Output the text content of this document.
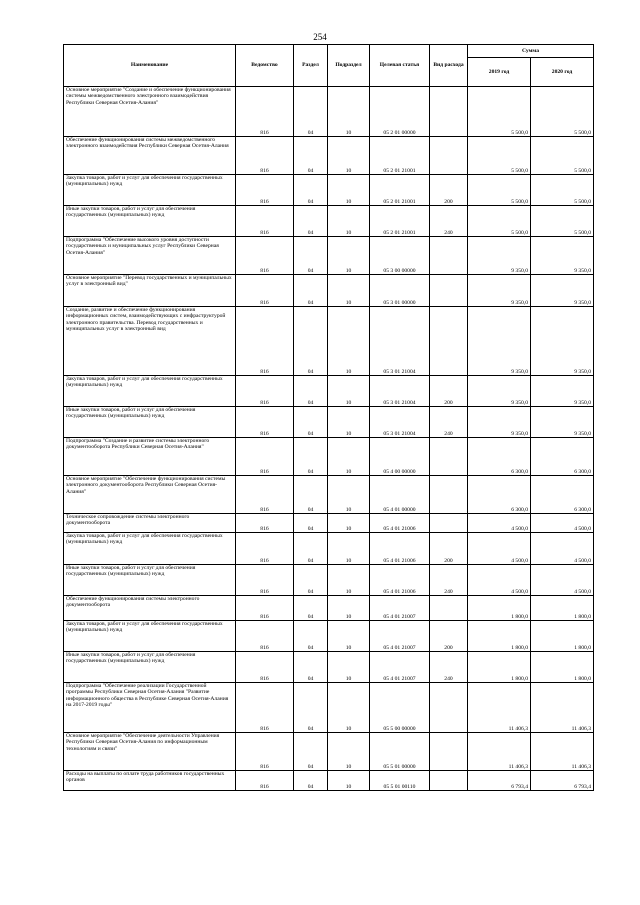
254
Наименование	Ведомство	Раздел	Подраздел	Целевая статья	Вид расхода	Сумма	
						2019 год	2020 год
Основное мероприятие "Создание и обеспечение функционирования системы межведомственного электронного взаимодействия Республики Северная Осетия-Алания"	816	04	10	05 2 01 00000		5 500,0	5 500,0
Обеспечение функционирования системы межведомственного электронного взаимодействия Республики Северная Осетия-Алания	816	04	10	05 2 01 21001		5 500,0	5 500,0
Закупка товаров, работ и услуг для обеспечения государственных (муниципальных) нужд	816	04	10	05 2 01 21001	200	5 500,0	5 500,0
Иные закупки товаров, работ и услуг для обеспечения государственных (муниципальных) нужд	816	04	10	05 2 01 21001	240	5 500,0	5 500,0
Подпрограмма "Обеспечение высокого уровня доступности государственных и муниципальных услуг Республики Северная Осетия-Алания"	816	04	10	05 3 00 00000		9 350,0	9 350,0
Основное мероприятие "Перевод государственных и муниципальных услуг в электронный вид"	816	04	10	05 3 01 00000		9 350,0	9 350,0
Создание, развитие и обеспечение функционирования информационных систем, взаимодействующих с инфраструктурой электронного правительства. Перевод государственных и муниципальных услуг в электронный вид	816	04	10	05 3 01 21004		9 350,0	9 350,0
Закупка товаров, работ и услуг для обеспечения государственных (муниципальных) нужд	816	04	10	05 3 01 21004	200	9 350,0	9 350,0
Иные закупки товаров, работ и услуг для обеспечения государственных (муниципальных) нужд	816	04	10	05 3 01 21004	240	9 350,0	9 350,0
Подпрограмма "Создание и развитие системы электронного документооборота Республики Северная Осетия-Алания"	816	04	10	05 4 00 00000		6 300,0	6 300,0
Основное мероприятие "Обеспечение функционирования системы электронного документооборота Республики Северная Осетия-Алания"	816	04	10	05 4 01 00000		6 300,0	6 300,0
Техническое сопровождение системы электронного документооборота	816	04	10	05 4 01 21006		4 500,0	4 500,0
Закупка товаров, работ и услуг для обеспечения государственных (муниципальных) нужд	816	04	10	05 4 01 21006	200	4 500,0	4 500,0
Иные закупки товаров, работ и услуг для обеспечения государственных (муниципальных) нужд	816	04	10	05 4 01 21006	240	4 500,0	4 500,0
Обеспечение функционирования системы электронного документооборота	816	04	10	05 4 01 21007		1 800,0	1 800,0
Закупка товаров, работ и услуг для обеспечения государственных (муниципальных) нужд	816	04	10	05 4 01 21007	200	1 800,0	1 800,0
Иные закупки товаров, работ и услуг для обеспечения государственных (муниципальных) нужд	816	04	10	05 4 01 21007	240	1 800,0	1 800,0
Подпрограмма "Обеспечение реализации Государственной программы Республики Северная Осетия-Алания "Развитие информационного общества в Республике Северная Осетия-Алания на 2017-2019 годы"	816	04	10	05 5 00 00000		11 406,3	11 406,3
Основное мероприятие "Обеспечение деятельности Управления Республики Северная Осетия-Алания по информационным технологиям и связи"	816	04	10	05 5 01 00000		11 406,3	11 406,3
Расходы на выплаты по оплате труда работников государственных органов	816	04	10	05 5 01 00110		6 793,4	6 793,4
